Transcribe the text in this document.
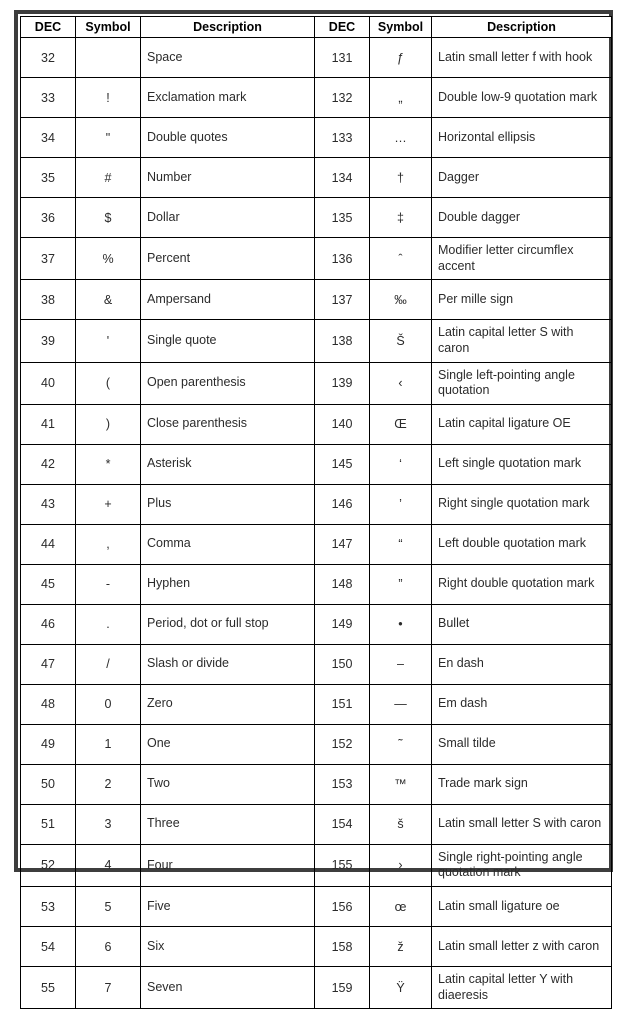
DEC	Symbol	Description	DEC	Symbol	Description
32		Space	131	ƒ	Latin small letter f with hook
33	!	Exclamation mark	132	„	Double low-9 quotation mark
34	"	Double quotes	133	…	Horizontal ellipsis
35	#	Number	134	†	Dagger
36	$	Dollar	135	‡	Double dagger
37	%	Percent	136	ˆ	Modifier letter circumflex accent
38	&	Ampersand	137	‰	Per mille sign
39	'	Single quote	138	Š	Latin capital letter S with caron
40	(	Open parenthesis	139	‹	Single left-pointing angle quotation
41	)	Close parenthesis	140	Œ	Latin capital ligature OE
42	*	Asterisk	145	‘	Left single quotation mark
43	+	Plus	146	’	Right single quotation mark
44	,	Comma	147	“	Left double quotation mark
45	-	Hyphen	148	”	Right double quotation mark
46	.	Period, dot or full stop	149	•	Bullet
47	/	Slash or divide	150	–	En dash
48	0	Zero	151	—	Em dash
49	1	One	152	˜	Small tilde
50	2	Two	153	™	Trade mark sign
51	3	Three	154	š	Latin small letter S with caron
52	4	Four	155	›	Single right-pointing angle quotation mark
53	5	Five	156	œ	Latin small ligature oe
54	6	Six	158	ž	Latin small letter z with caron
55	7	Seven	159	Ÿ	Latin capital letter Y with diaeresis
